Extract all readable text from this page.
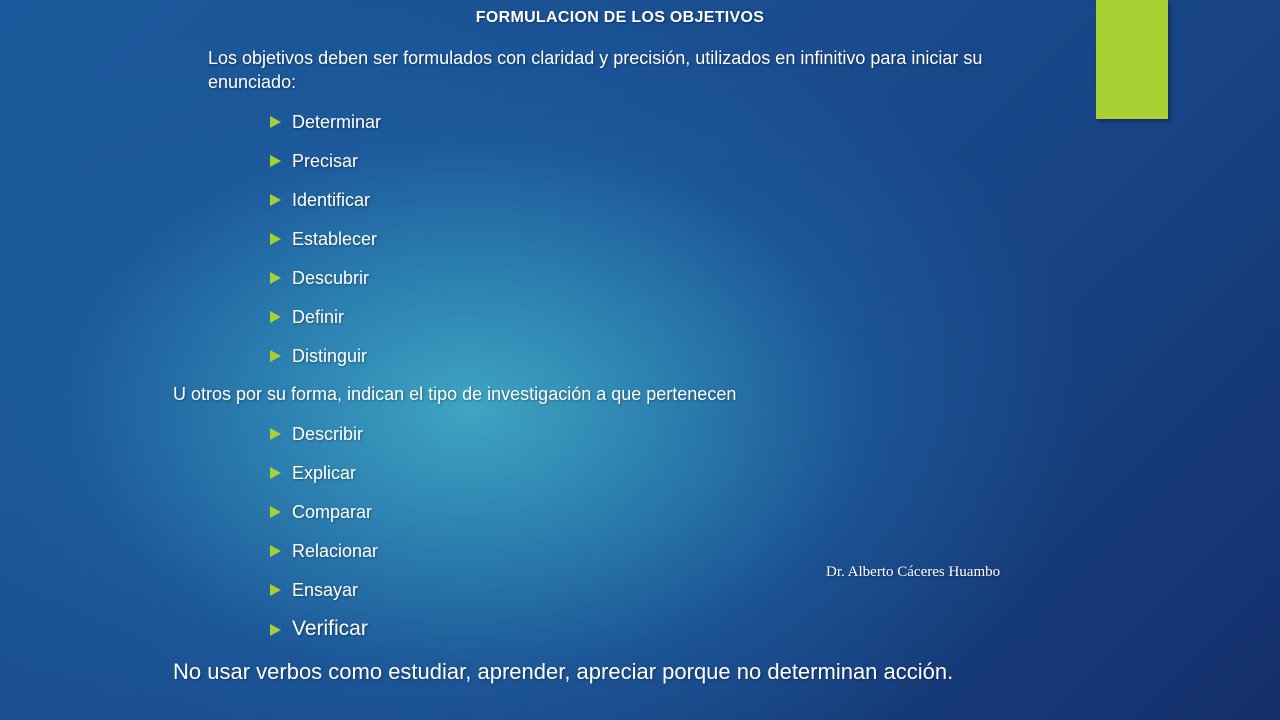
FORMULACION DE LOS OBJETIVOS
Los objetivos deben ser formulados con claridad y precisión, utilizados en infinitivo para iniciar su enunciado:
Determinar
Precisar
Identificar
Establecer
Descubrir
Definir
Distinguir
U otros por su forma, indican el tipo de investigación a que pertenecen
Describir
Explicar
Comparar
Relacionar
Ensayar
Verificar
Dr. Alberto Cáceres Huambo
No usar verbos como estudiar, aprender, apreciar porque no determinan acción.
